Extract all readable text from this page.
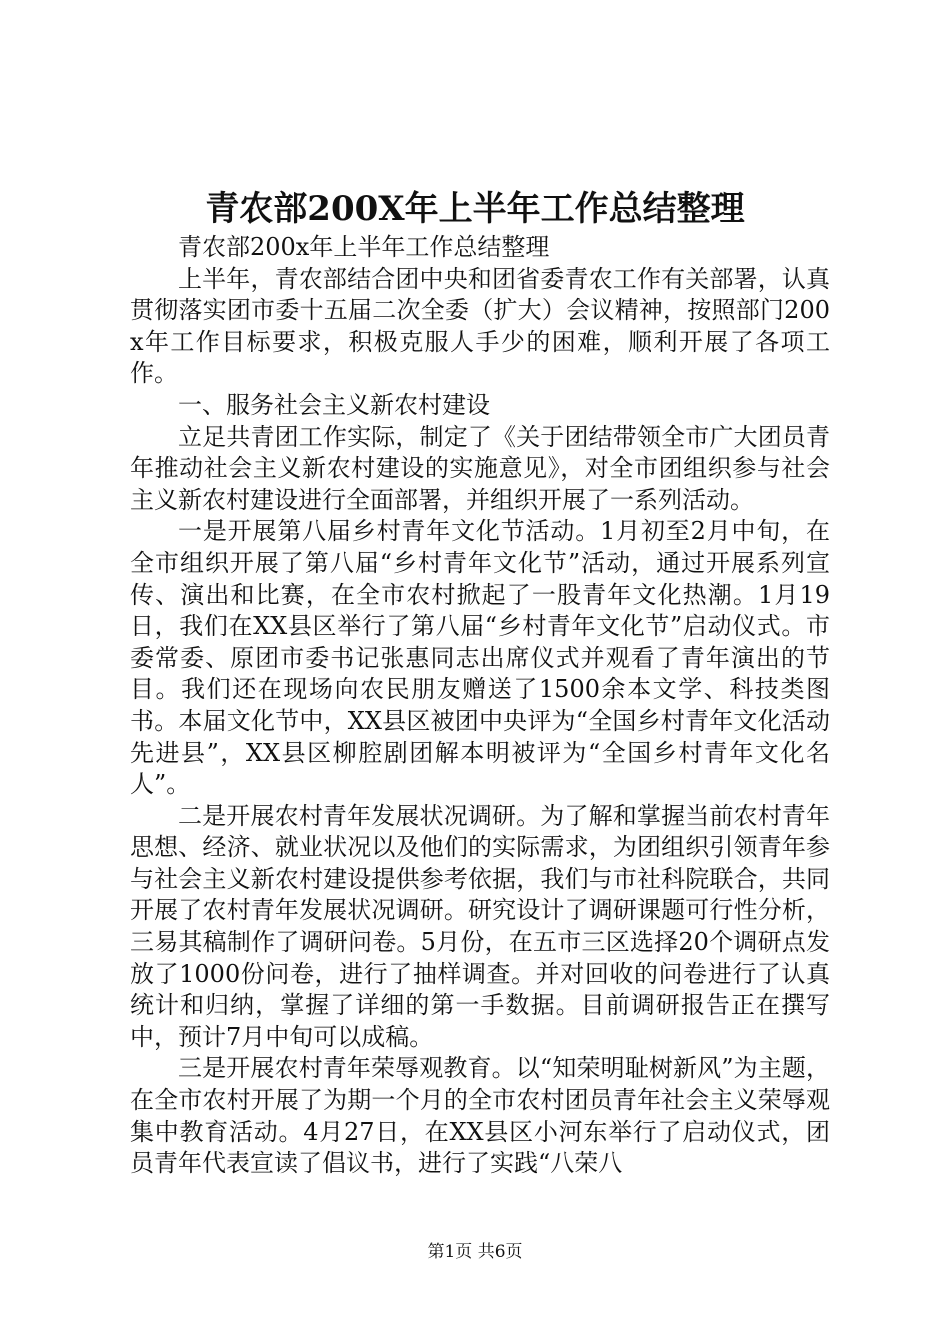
青农部200X年上半年工作总结整理

青农部200x年上半年工作总结整理

上半年，青农部结合团中央和团省委青农工作有关部署，认真贯彻落实团市委十五届二次全委（扩大）会议精神，按照部门200x年工作目标要求，积极克服人手少的困难，顺利开展了各项工作。

一、服务社会主义新农村建设

立足共青团工作实际，制定了《关于团结带领全市广大团员青年推动社会主义新农村建设的实施意见》，对全市团组织参与社会主义新农村建设进行全面部署，并组织开展了一系列活动。

一是开展第八届乡村青年文化节活动。1月初至2月中旬，在全市组织开展了第八届“乡村青年文化节”活动，通过开展系列宣传、演出和比赛，在全市农村掀起了一股青年文化热潮。1月19日，我们在XX县区举行了第八届“乡村青年文化节”启动仪式。市委常委、原团市委书记张惠同志出席仪式并观看了青年演出的节目。我们还在现场向农民朋友赠送了1500余本文学、科技类图书。本届文化节中，XX县区被团中央评为“全国乡村青年文化活动先进县”，XX县区柳腔剧团解本明被评为“全国乡村青年文化名人”。

二是开展农村青年发展状况调研。为了解和掌握当前农村青年思想、经济、就业状况以及他们的实际需求，为团组织引领青年参与社会主义新农村建设提供参考依据，我们与市社科院联合，共同开展了农村青年发展状况调研。研究设计了调研课题可行性分析，三易其稿制作了调研问卷。5月份，在五市三区选择20个调研点发放了1000份问卷，进行了抽样调查。并对回收的问卷进行了认真统计和归纳，掌握了详细的第一手数据。目前调研报告正在撰写中，预计7月中旬可以成稿。

三是开展农村青年荣辱观教育。以“知荣明耻树新风”为主题，在全市农村开展了为期一个月的全市农村团员青年社会主义荣辱观集中教育活动。4月27日，在XX县区小河东举行了启动仪式，团员青年代表宣读了倡议书，进行了实践“八荣八

第1页 共6页
